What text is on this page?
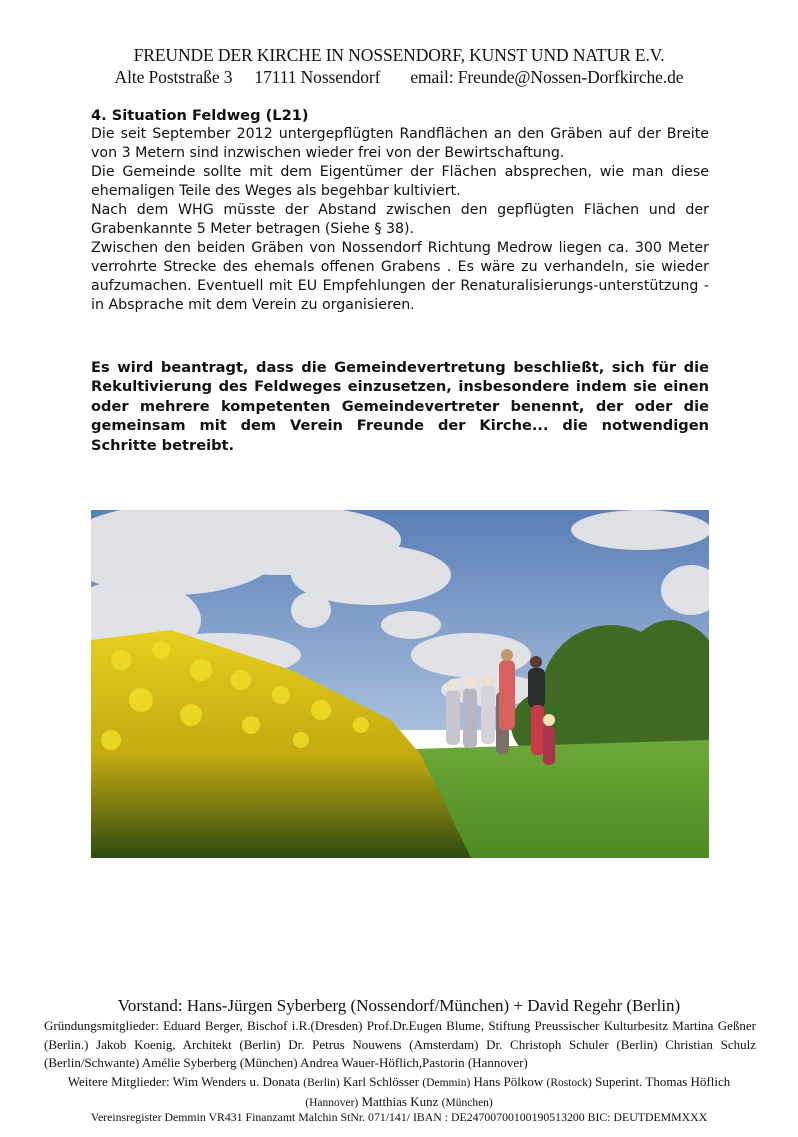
FREUNDE DER KIRCHE IN NOSSENDORF, KUNST UND NATUR E.V.
Alte Poststraße 3 17111 Nossendorf email: Freunde@Nossen-Dorfkirche.de
4. Situation Feldweg (L21)

Die seit September 2012 untergepflügten Randflächen an den Gräben auf der Breite von 3 Metern sind inzwischen wieder frei von der Bewirtschaftung.

Die Gemeinde sollte mit dem Eigentümer der Flächen absprechen, wie man diese ehemaligen Teile des Weges als begehbar kultiviert.

Nach dem WHG müsste der Abstand zwischen den gepflügten Flächen und der Grabenkannte 5 Meter betragen (Siehe § 38).

Zwischen den beiden Gräben von Nossendorf Richtung Medrow liegen ca. 300 Meter verrohrte Strecke des ehemals offenen Grabens . Es wäre zu verhandeln, sie wieder aufzumachen. Eventuell mit EU Empfehlungen der Renaturalisierungs-unterstützung - in Absprache mit dem Verein zu organisieren.

Es wird beantragt, dass die Gemeindevertretung beschließt, sich für die Rekultivierung des Feldweges einzusetzen, insbesondere indem sie einen oder mehrere kompetenten Gemeindevertreter benennt, der oder die gemeinsam mit dem Verein Freunde der Kirche... die notwendigen Schritte betreibt.

Vorstand: Hans-Jürgen Syberberg (Nossendorf/München) + David Regehr (Berlin)
Gründungsmitglieder: Eduard Berger, Bischof i.R.(Dresden) Prof.Dr.Eugen Blume, Stiftung Preussischer Kulturbesitz Martina Geßner (Berlin.) Jakob Koenig, Architekt (Berlin) Dr. Petrus Nouwens (Amsterdam) Dr. Christoph Schuler (Berlin) Christian Schulz (Berlin/Schwante) Amélie Syberberg (München) Andrea Wauer-Höflich,Pastorin (Hannover)
Weitere Mitglieder: Wim Wenders u. Donata (Berlin) Karl Schlösser (Demmin) Hans Pölkow (Rostock) Superint. Thomas Höflich (Hannover) Matthias Kunz (München)
Vereinsregister Demmin VR431 Finanzamt Malchin StNr. 071/141/ IBAN : DE24700700100190513200 BIC: DEUTDEMMXXX
